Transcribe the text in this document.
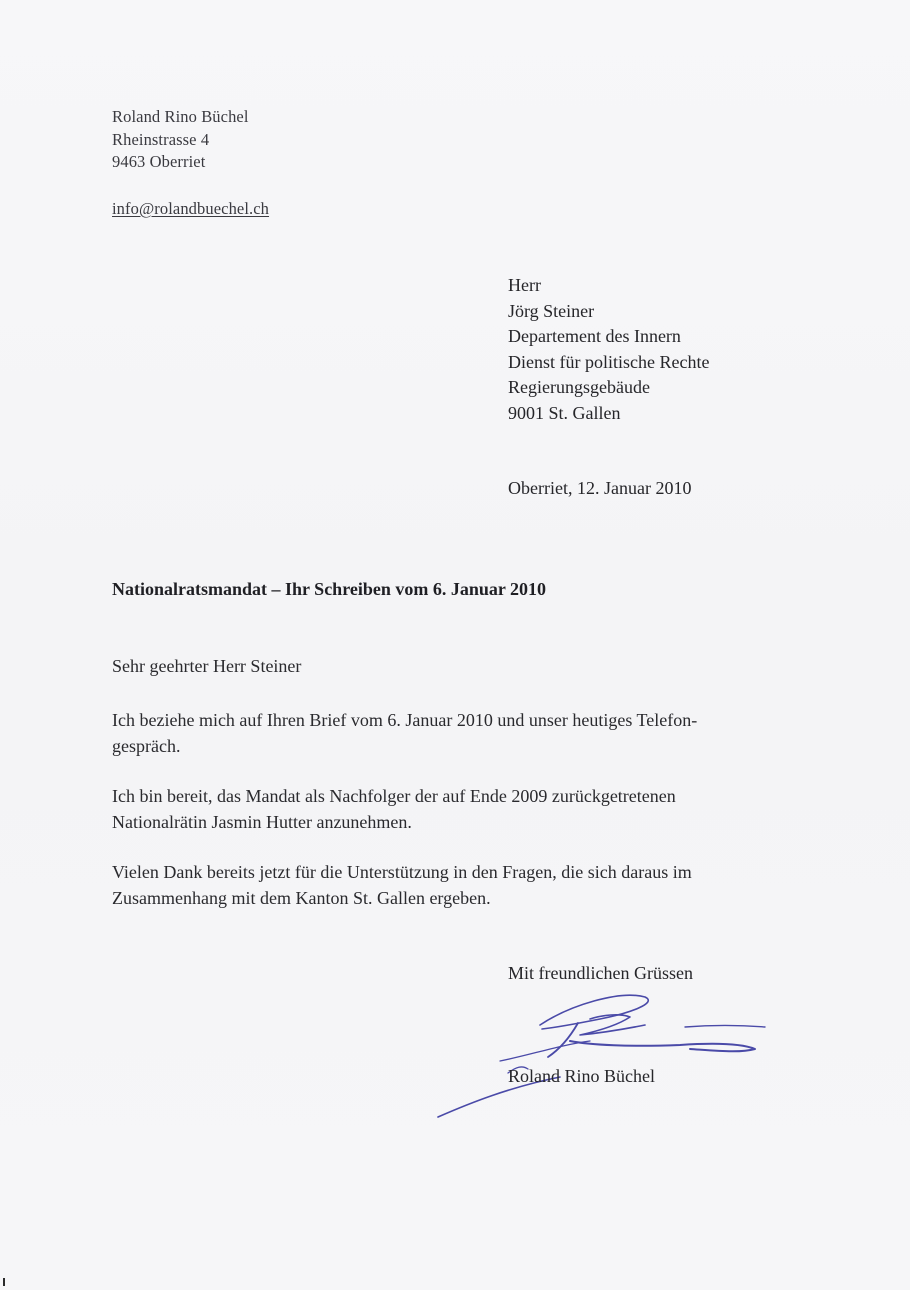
Roland Rino Büchel
Rheinstrasse 4
9463 Oberriet
info@rolandbuechel.ch
Herr
Jörg Steiner
Departement des Innern
Dienst für politische Rechte
Regierungsgebäude
9001 St. Gallen
Oberriet, 12. Januar 2010
Nationalratsmandat – Ihr Schreiben vom 6. Januar 2010
Sehr geehrter Herr Steiner
Ich beziehe mich auf Ihren Brief vom 6. Januar 2010 und unser heutiges Telefon-
gespräch.
Ich bin bereit, das Mandat als Nachfolger der auf Ende 2009 zurückgetretenen
Nationalrätin Jasmin Hutter anzunehmen.
Vielen Dank bereits jetzt für die Unterstützung in den Fragen, die sich daraus im
Zusammenhang mit dem Kanton St. Gallen ergeben.
Mit freundlichen Grüssen
Roland Rino Büchel
